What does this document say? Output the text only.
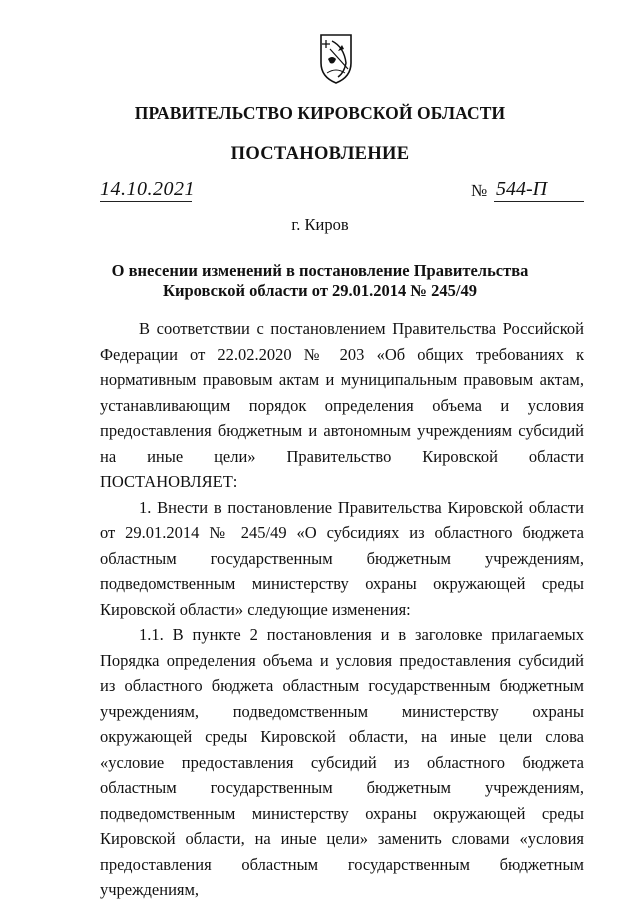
ПРАВИТЕЛЬСТВО КИРОВСКОЙ ОБЛАСТИ
ПОСТАНОВЛЕНИЕ
14.10.2021	№ 544-П
г. Киров
О внесении изменений в постановление Правительства
Кировской области от 29.01.2014 № 245/49

В соответствии с постановлением Правительства Российской Федерации от 22.02.2020 № 203 «Об общих требованиях к нормативным правовым актам и муниципальным правовым актам, устанавливающим порядок определения объема и условия предоставления бюджетным и автономным учреждениям субсидий на иные цели» Правительство Кировской области ПОСТАНОВЛЯЕТ:

1. Внести в постановление Правительства Кировской области от 29.01.2014 № 245/49 «О субсидиях из областного бюджета областным государственным бюджетным учреждениям, подведомственным министерству охраны окружающей среды Кировской области» следующие изменения:

1.1. В пункте 2 постановления и в заголовке прилагаемых Порядка определения объема и условия предоставления субсидий из областного бюджета областным государственным бюджетным учреждениям, подведомственным министерству охраны окружающей среды Кировской области, на иные цели слова «условие предоставления субсидий из областного бюджета областным государственным бюджетным учреждениям, подведомственным министерству охраны окружающей среды Кировской области, на иные цели» заменить словами «условия предоставления областным государственным бюджетным учреждениям,
